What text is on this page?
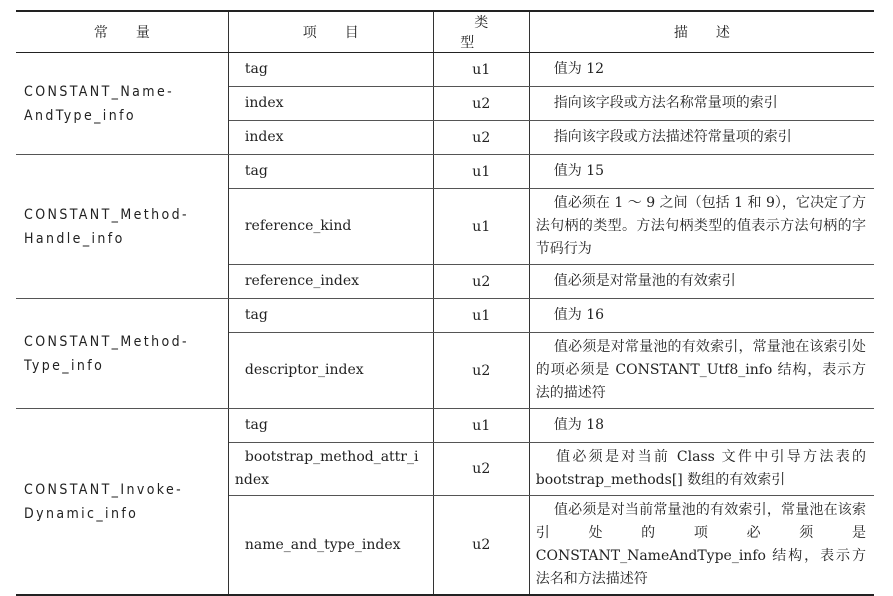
常量	项目	类型	描述
CONSTANT_Name-AndType_info	tag	u1	值为 12
	index	u2	指向该字段或方法名称常量项的索引
	index	u2	指向该字段或方法描述符常量项的索引
CONSTANT_Method-Handle_info	tag	u1	值为 15
	reference_kind	u1	值必须在 1 ～ 9 之间（包括 1 和 9），它决定了方法句柄的类型。方法句柄类型的值表示方法句柄的字节码行为
	reference_index	u2	值必须是对常量池的有效索引
CONSTANT_Method-Type_info	tag	u1	值为 16
	descriptor_index	u2	值必须是对常量池的有效索引，常量池在该索引处的项必须是 CONSTANT_Utf8_info 结构，表示方法的描述符
CONSTANT_Invoke-Dynamic_info	tag	u1	值为 18
	bootstrap_method_attr_index	u2	值必须是对当前 Class 文件中引导方法表的 bootstrap_methods[] 数组的有效索引
	name_and_type_index	u2	值必须是对当前常量池的有效索引，常量池在该索引处的项必须是 CONSTANT_NameAndType_info 结构，表示方法名和方法描述符
